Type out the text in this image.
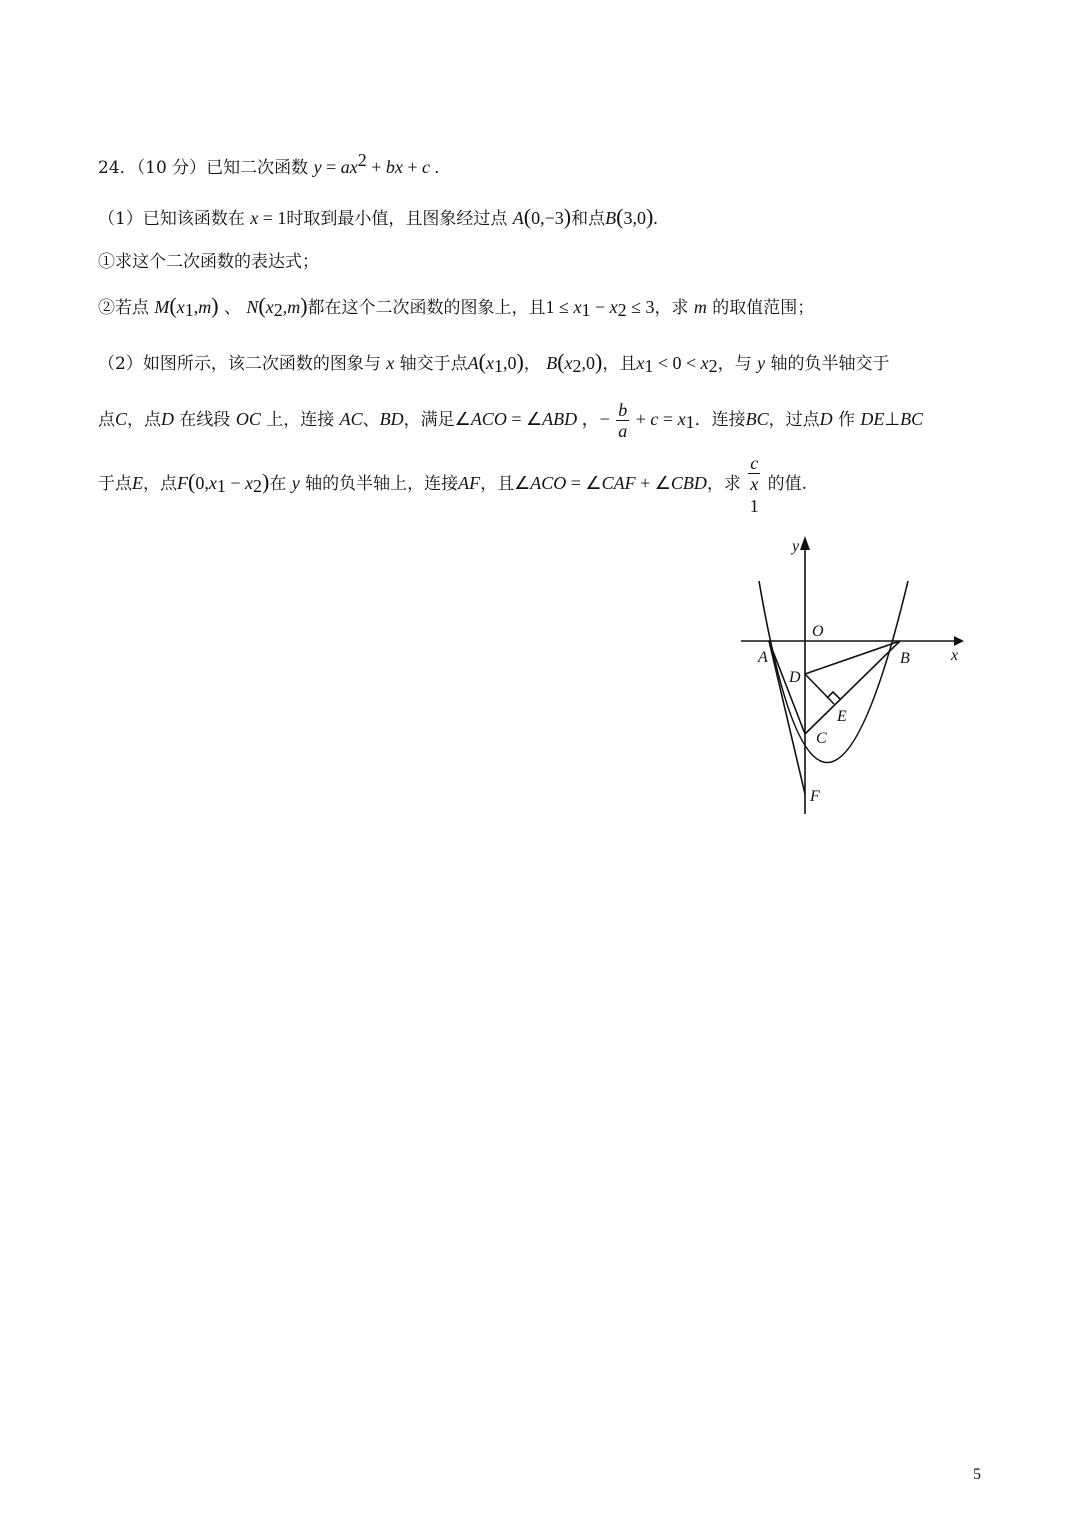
24．（10 分）已知二次函数 $y = ax^2$ + bx + c .
（1）已知该函数在 x = 1时取到最小值，且图象经过点 A(0,−3)和点B(3,0).
①求这个二次函数的表达式；
②若点 $M(x_1,m)$ 、 $N(x_2,m)$都在这个二次函数的图象上，且$1 \le x_1 - x_2 \le 3$，求 m 的取值范围；
（2）如图所示，该二次函数的图象与 x 轴交于点$A(x_1,0)$， $B(x_2,0)$，且$x_1 < 0 < x_2$，与 y 轴的负半轴交于
点C，点D 在线段 OC 上，连接 AC、BD，满足∠ACO = ∠ABD ，− $\frac{b}{a} + c = x_1$．连接BC，过点D 作 DE⊥BC
于点E，点$F(0,x_1 - x_2)$在 y 轴的负半轴上，连接AF，且∠ACO = ∠CAF + ∠CBD，求 c
x
$_1$ 的值.
y
x
O
A	B
D
E
C
F
5
